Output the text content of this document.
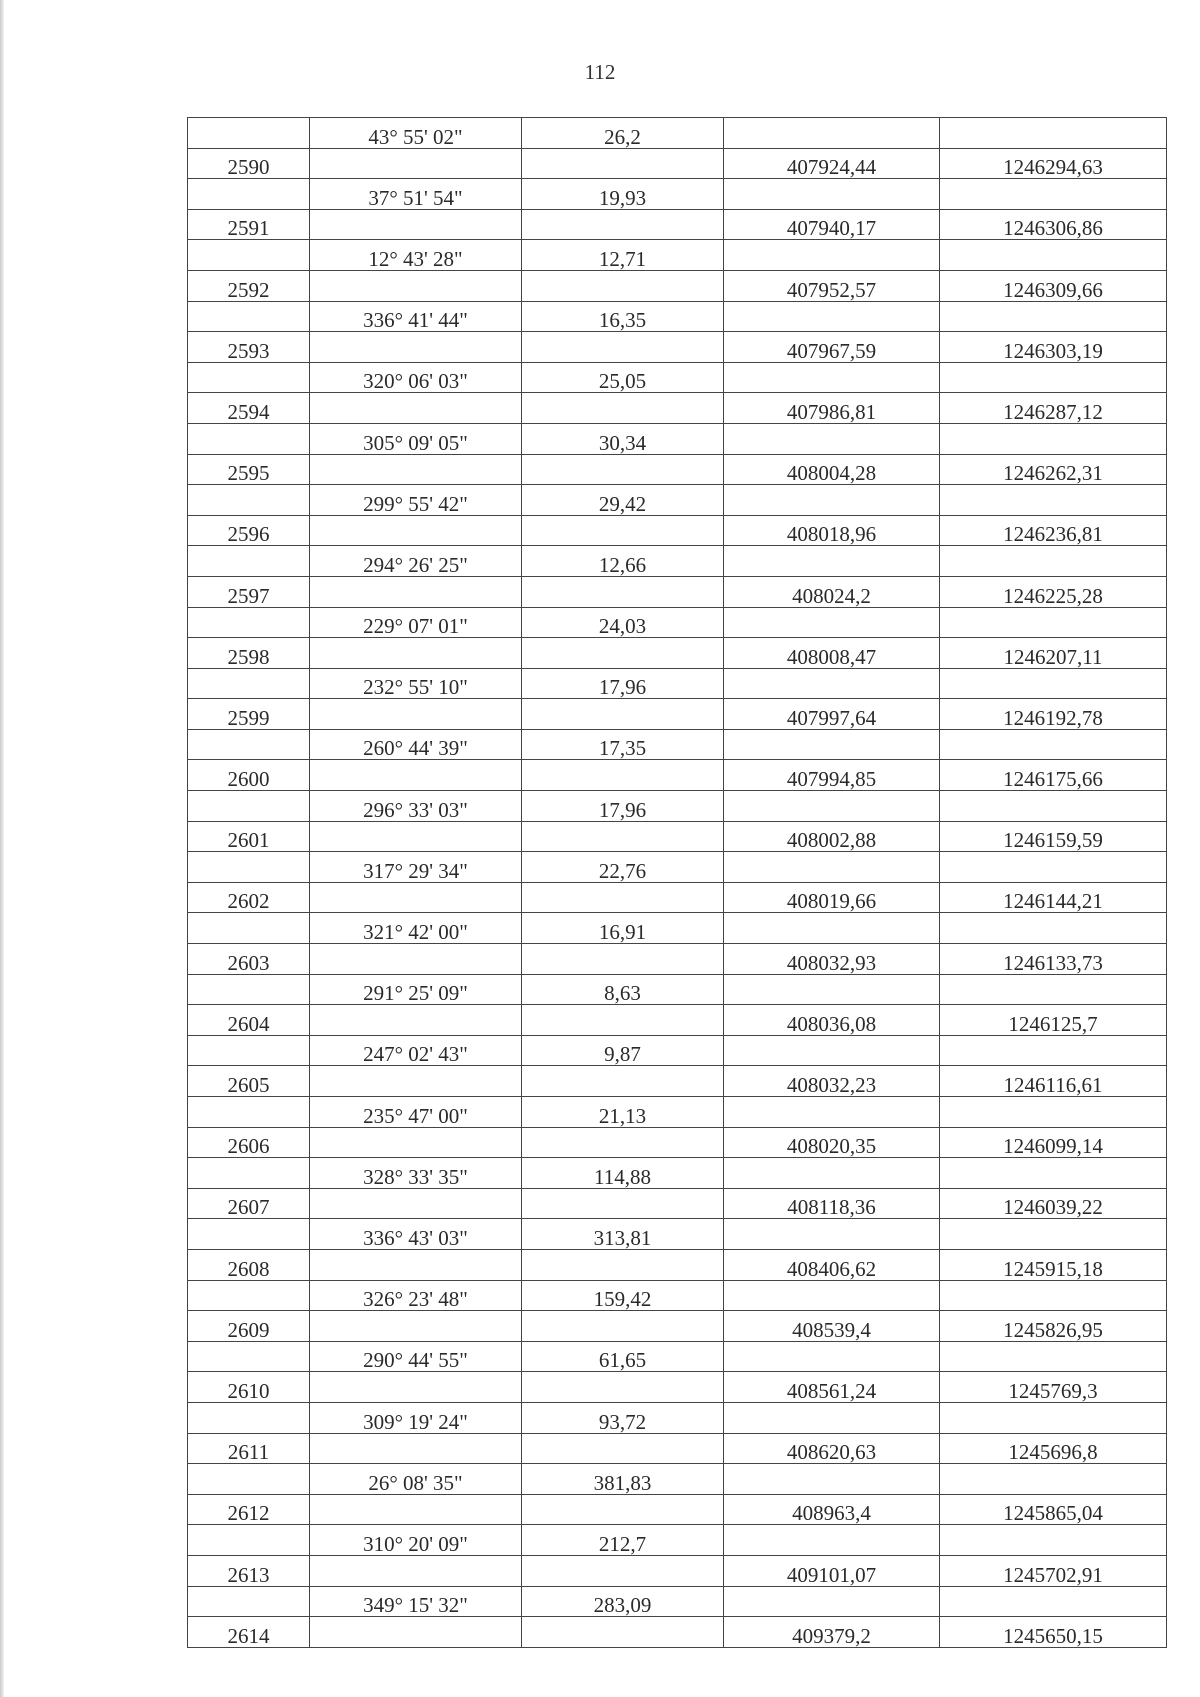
112
	43° 55' 02"	26,2		
2590			407924,44	1246294,63
	37° 51' 54"	19,93		
2591			407940,17	1246306,86
	12° 43' 28"	12,71		
2592			407952,57	1246309,66
	336° 41' 44"	16,35		
2593			407967,59	1246303,19
	320° 06' 03"	25,05		
2594			407986,81	1246287,12
	305° 09' 05"	30,34		
2595			408004,28	1246262,31
	299° 55' 42"	29,42		
2596			408018,96	1246236,81
	294° 26' 25"	12,66		
2597			408024,2	1246225,28
	229° 07' 01"	24,03		
2598			408008,47	1246207,11
	232° 55' 10"	17,96		
2599			407997,64	1246192,78
	260° 44' 39"	17,35		
2600			407994,85	1246175,66
	296° 33' 03"	17,96		
2601			408002,88	1246159,59
	317° 29' 34"	22,76		
2602			408019,66	1246144,21
	321° 42' 00"	16,91		
2603			408032,93	1246133,73
	291° 25' 09"	8,63		
2604			408036,08	1246125,7
	247° 02' 43"	9,87		
2605			408032,23	1246116,61
	235° 47' 00"	21,13		
2606			408020,35	1246099,14
	328° 33' 35"	114,88		
2607			408118,36	1246039,22
	336° 43' 03"	313,81		
2608			408406,62	1245915,18
	326° 23' 48"	159,42		
2609			408539,4	1245826,95
	290° 44' 55"	61,65		
2610			408561,24	1245769,3
	309° 19' 24"	93,72		
2611			408620,63	1245696,8
	26° 08' 35"	381,83		
2612			408963,4	1245865,04
	310° 20' 09"	212,7		
2613			409101,07	1245702,91
	349° 15' 32"	283,09		
2614			409379,2	1245650,15
